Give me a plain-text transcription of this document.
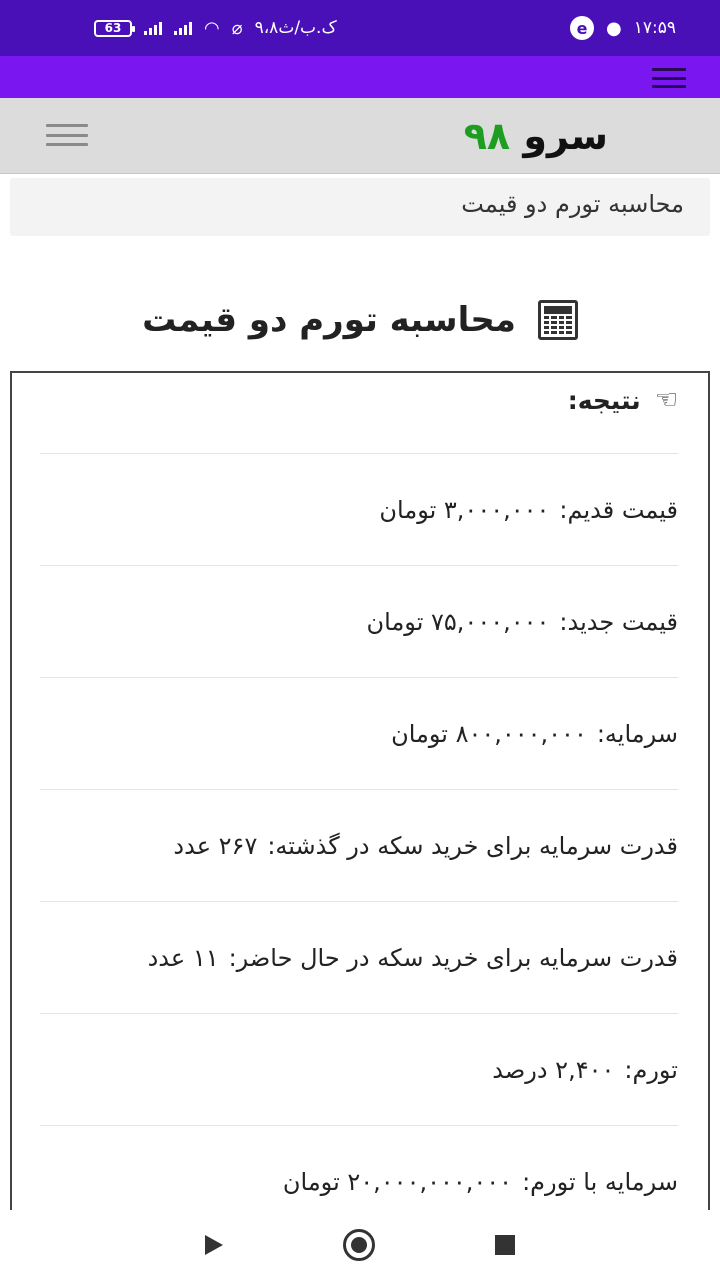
63	◠ ⌀ ۹،۸ک.ب/ث	e	● ۱۷:۵۹
سرو ۹۸
محاسبه تورم دو قیمت
محاسبه تورم دو قیمت
☞
نتیجه:
قیمت قدیم:
۳,۰۰۰,۰۰۰ تومان
قیمت جدید:
۷۵,۰۰۰,۰۰۰ تومان
سرمایه:
۸۰۰,۰۰۰,۰۰۰ تومان
قدرت سرمایه برای خرید سکه در گذشته:
۲۶۷ عدد
قدرت سرمایه برای خرید سکه در حال حاضر:
۱۱ عدد
تورم:
۲,۴۰۰ درصد
سرمایه با تورم:
۲۰,۰۰۰,۰۰۰,۰۰۰ تومان
